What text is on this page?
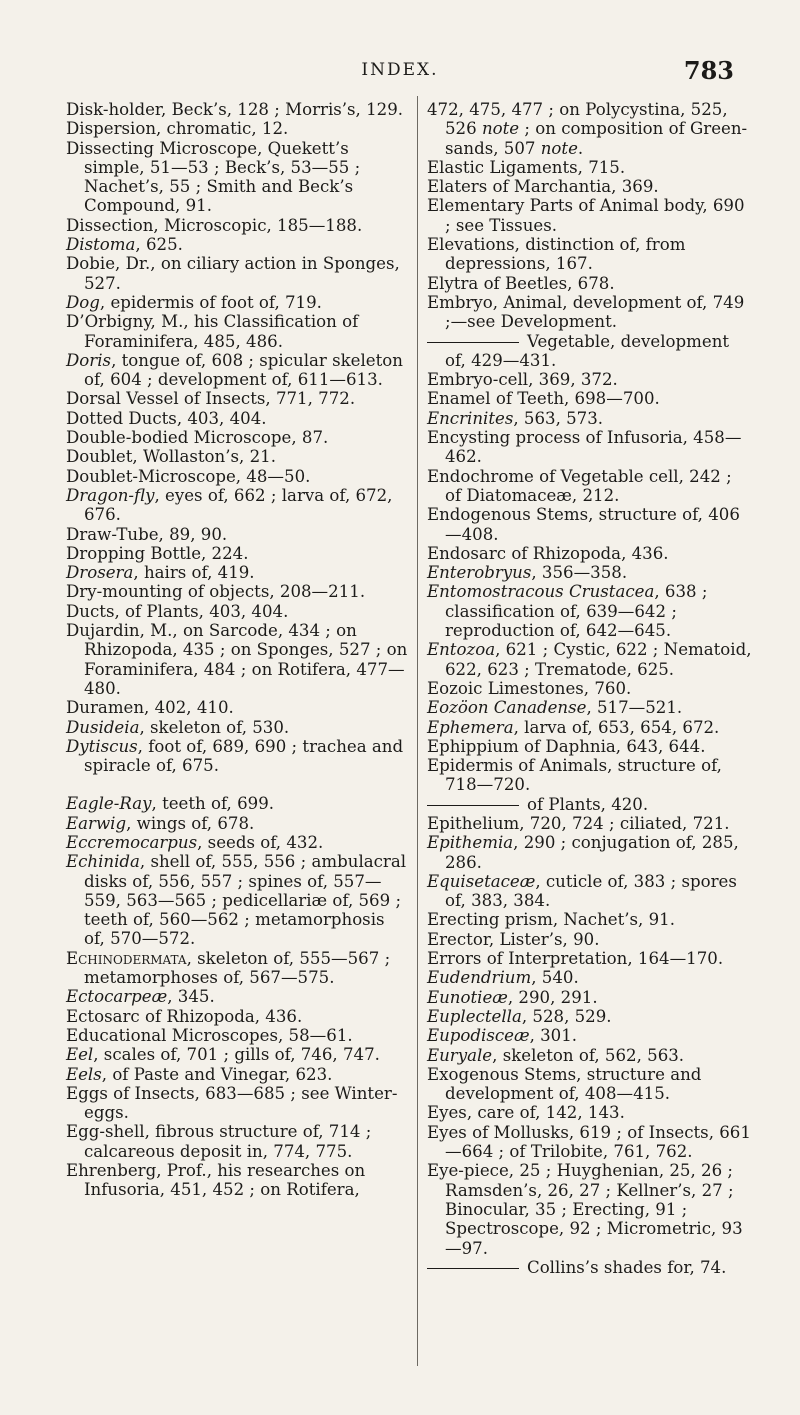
INDEX.	783
Disk-holder, Beck’s, 128 ; Morris’s, 129.
Dispersion, chromatic, 12.
Dissecting Microscope, Quekett’s simple, 51—53 ; Beck’s, 53—55 ; Nachet’s, 55 ; Smith and Beck’s Compound, 91.
Dissection, Microscopic, 185—188.
Distoma, 625.
Dobie, Dr., on ciliary action in Sponges, 527.
Dog, epidermis of foot of, 719.
D’Orbigny, M., his Classification of Foraminifera, 485, 486.
Doris, tongue of, 608 ; spicular skeleton of, 604 ; development of, 611—613.
Dorsal Vessel of Insects, 771, 772.
Dotted Ducts, 403, 404.
Double-bodied Microscope, 87.
Doublet, Wollaston’s, 21.
Doublet-Microscope, 48—50.
Dragon-fly, eyes of, 662 ; larva of, 672, 676.
Draw-Tube, 89, 90.
Dropping Bottle, 224.
Drosera, hairs of, 419.
Dry-mounting of objects, 208—211.
Ducts, of Plants, 403, 404.
Dujardin, M., on Sarcode, 434 ; on Rhizopoda, 435 ; on Sponges, 527 ; on Foraminifera, 484 ; on Rotifera, 477—480.
Duramen, 402, 410.
Dusideia, skeleton of, 530.
Dytiscus, foot of, 689, 690 ; trachea and spiracle of, 675.
Eagle-Ray, teeth of, 699.
Earwig, wings of, 678.
Eccremocarpus, seeds of, 432.
Echinida, shell of, 555, 556 ; ambulacral disks of, 556, 557 ; spines of, 557—559, 563—565 ; pedicellariæ of, 569 ; teeth of, 560—562 ; metamorphosis of, 570—572.
Echinodermata, skeleton of, 555—567 ; metamorphoses of, 567—575.
Ectocarpeæ, 345.
Ectosarc of Rhizopoda, 436.
Educational Microscopes, 58—61.
Eel, scales of, 701 ; gills of, 746, 747.
Eels, of Paste and Vinegar, 623.
Eggs of Insects, 683—685 ; see Winter-eggs.
Egg-shell, fibrous structure of, 714 ; calcareous deposit in, 774, 775.
Ehrenberg, Prof., his researches on Infusoria, 451, 452 ; on Rotifera,
472, 475, 477 ; on Polycystina, 525, 526 note ; on composition of Green-sands, 507 note.
Elastic Ligaments, 715.
Elaters of Marchantia, 369.
Elementary Parts of Animal body, 690 ; see Tissues.
Elevations, distinction of, from depressions, 167.
Elytra of Beetles, 678.
Embryo, Animal, development of, 749 ;—see Development.
Vegetable, development of, 429—431.
Embryo-cell, 369, 372.
Enamel of Teeth, 698—700.
Encrinites, 563, 573.
Encysting process of Infusoria, 458—462.
Endochrome of Vegetable cell, 242 ; of Diatomaceæ, 212.
Endogenous Stems, structure of, 406—408.
Endosarc of Rhizopoda, 436.
Enterobryus, 356—358.
Entomostracous Crustacea, 638 ; classification of, 639—642 ; reproduction of, 642—645.
Entozoa, 621 ; Cystic, 622 ; Nematoid, 622, 623 ; Trematode, 625.
Eozoic Limestones, 760.
Eozöon Canadense, 517—521.
Ephemera, larva of, 653, 654, 672.
Ephippium of Daphnia, 643, 644.
Epidermis of Animals, structure of, 718—720.
of Plants, 420.
Epithelium, 720, 724 ; ciliated, 721.
Epithemia, 290 ; conjugation of, 285, 286.
Equisetaceæ, cuticle of, 383 ; spores of, 383, 384.
Erecting prism, Nachet’s, 91.
Erector, Lister’s, 90.
Errors of Interpretation, 164—170.
Eudendrium, 540.
Eunotieæ, 290, 291.
Euplectella, 528, 529.
Eupodisceæ, 301.
Euryale, skeleton of, 562, 563.
Exogenous Stems, structure and development of, 408—415.
Eyes, care of, 142, 143.
Eyes of Mollusks, 619 ; of Insects, 661—664 ; of Trilobite, 761, 762.
Eye-piece, 25 ; Huyghenian, 25, 26 ; Ramsden’s, 26, 27 ; Kellner’s, 27 ; Binocular, 35 ; Erecting, 91 ; Spectroscope, 92 ; Micrometric, 93—97.
Collins’s shades for, 74.
